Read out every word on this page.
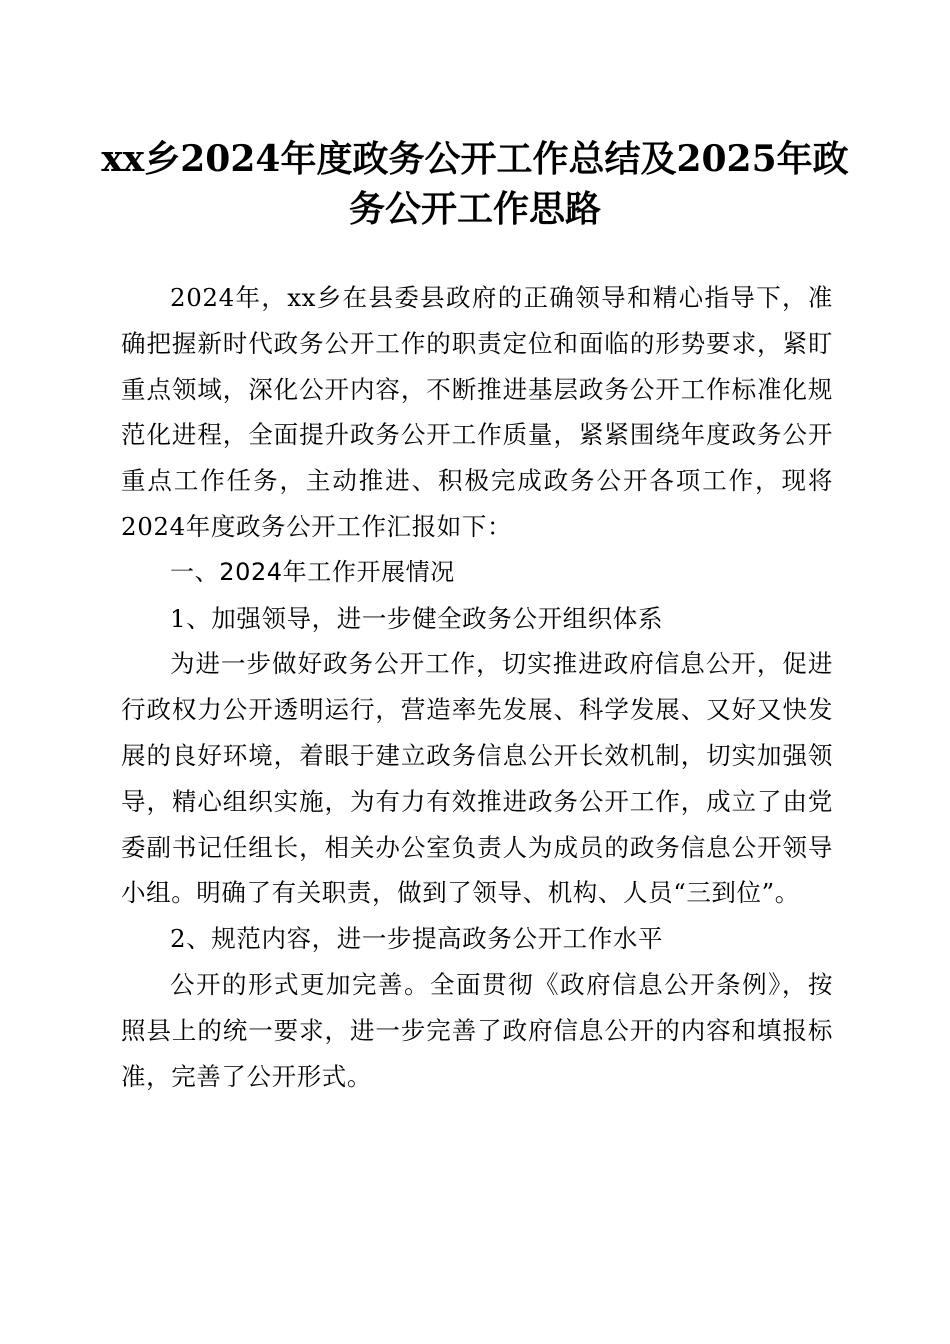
xx乡2024年度政务公开工作总结及2025年政
务公开工作思路

2024年，xx乡在县委县政府的正确领导和精心指导下，准确把握新时代政务公开工作的职责定位和面临的形势要求，紧盯重点领域，深化公开内容，不断推进基层政务公开工作标准化规范化进程，全面提升政务公开工作质量，紧紧围绕年度政务公开重点工作任务，主动推进、积极完成政务公开各项工作，现将2024年度政务公开工作汇报如下：

一、2024年工作开展情况

1、加强领导，进一步健全政务公开组织体系

为进一步做好政务公开工作，切实推进政府信息公开，促进行政权力公开透明运行，营造率先发展、科学发展、又好又快发展的良好环境，着眼于建立政务信息公开长效机制，切实加强领导，精心组织实施，为有力有效推进政务公开工作，成立了由党委副书记任组长，相关办公室负责人为成员的政务信息公开领导小组。明确了有关职责，做到了领导、机构、人员“三到位”。

2、规范内容，进一步提高政务公开工作水平

公开的形式更加完善。全面贯彻《政府信息公开条例》，按照县上的统一要求，进一步完善了政府信息公开的内容和填报标准，完善了公开形式。
